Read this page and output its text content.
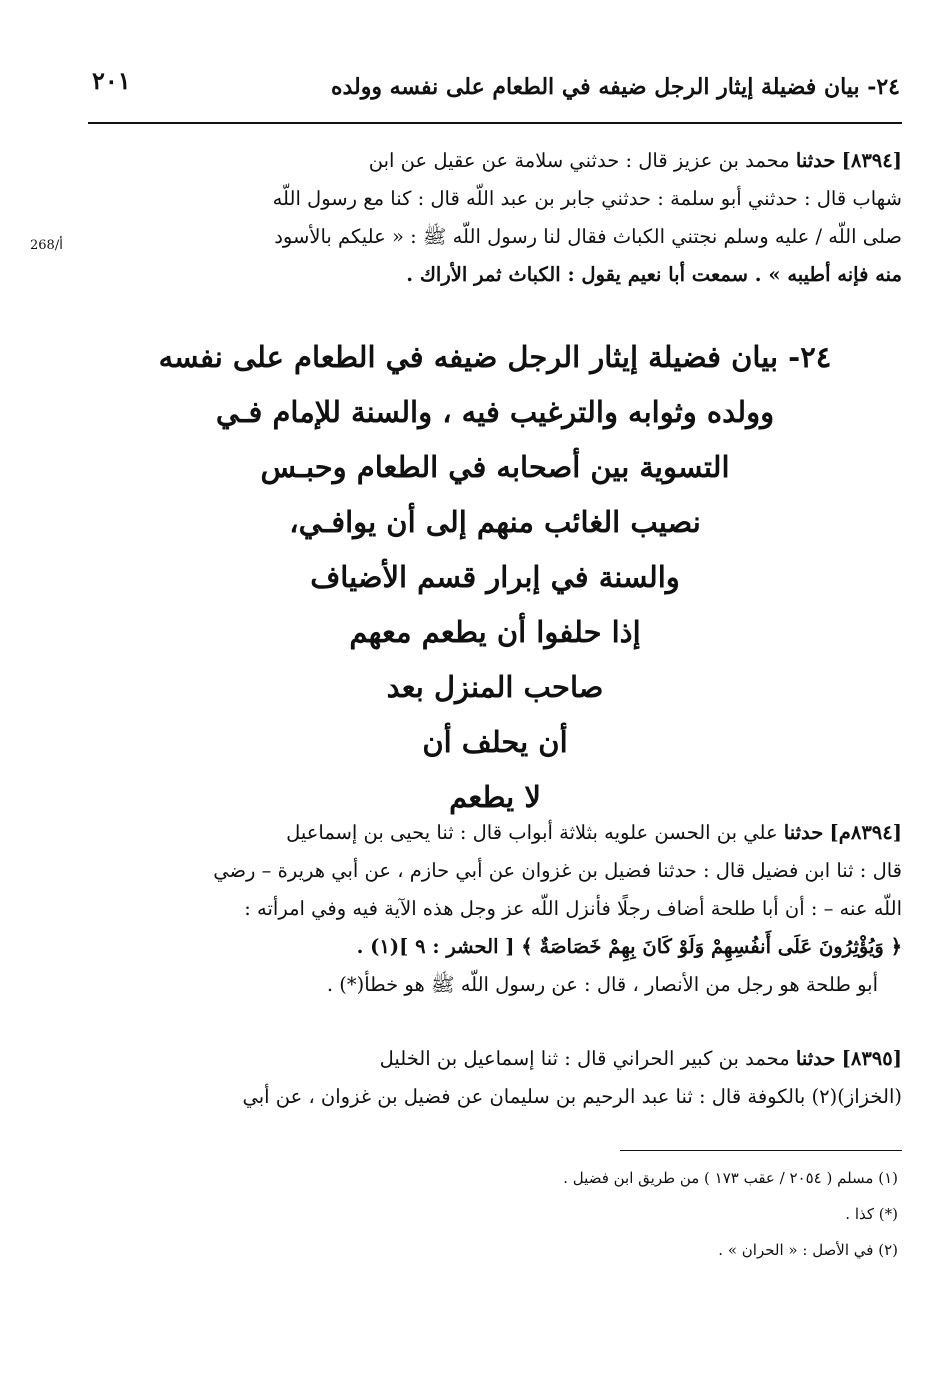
٢٤- بيان فضيلة إيثار الرجل ضيفه في الطعام على نفسه وولده
٢٠١
268/أ
[٨٣٩٤] حدثنا محمد بن عزيز قال : حدثني سلامة عن عقيل عن ابن
شهاب قال : حدثني أبو سلمة : حدثني جابر بن عبد اللّه قال : كنا مع رسول اللّه
صلى اللّه / عليه وسلم نجتني الكباث فقال لنا رسول اللّه ﷺ : « عليكم بالأسود
منه فإنه أطيبه » . سمعت أبا نعيم يقول : الكباث ثمر الأراك .
٢٤- بيان فضيلة إيثار الرجل ضيفه في الطعام على نفسه
وولده وثوابه والترغيب فيه ، والسنة للإمام فـي
التسوية بين أصحابه في الطعام وحبـس
نصيب الغائب منهم إلى أن يوافـي،
والسنة في إبرار قسم الأضياف
إذا حلفوا أن يطعم معهم
صاحب المنزل بعد
أن يحلف أن
لا يطعم
[٨٣٩٤م] حدثنا علي بن الحسن علويه بثلاثة أبواب قال : ثنا يحيى بن إسماعيل
قال : ثنا ابن فضيل قال : حدثنا فضيل بن غزوان عن أبي حازم ، عن أبي هريرة – رضي
اللّه عنه – : أن أبا طلحة أضاف رجلًا فأنزل اللّه عز وجل هذه الآية فيه وفي امرأته :
﴿ وَيُؤْثِرُونَ عَلَى أَنفُسِهِمْ وَلَوْ كَانَ بِهِمْ خَصَاصَةٌ ﴾ [ الحشر : ٩ ](١) .
أبو طلحة هو رجل من الأنصار ، قال : عن رسول اللّه ﷺ هو خطأ(*) .
[٨٣٩٥] حدثنا محمد بن كبير الحراني قال : ثنا إسماعيل بن الخليل
(الخزاز)(٢) بالكوفة قال : ثنا عبد الرحيم بن سليمان عن فضيل بن غزوان ، عن أبي
(١) مسلم ( ٢٠٥٤ / عقب ١٧٣ ) من طريق ابن فضيل .
(*) كذا .
(٢) في الأصل : « الحران » .
